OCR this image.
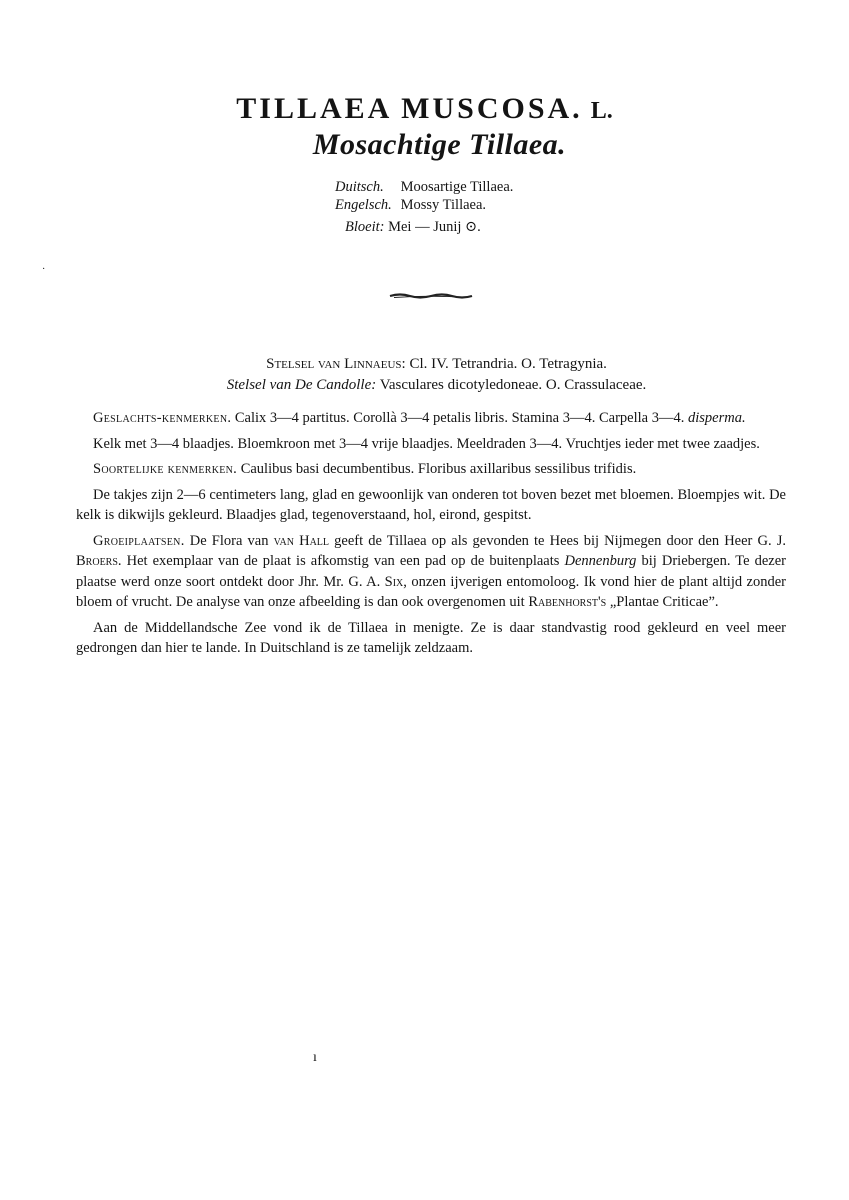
·
TILLAEA MUSCOSA. L.
Mosachtige Tillaea.
Duitsch. Moosartige Tillaea.
Engelsch. Mossy Tillaea.
Bloeit: Mei — Junij ⊙.
Stelsel van Linnaeus: Cl. IV. Tetrandria. O. Tetragynia.
Stelsel van De Candolle: Vasculares dicotyledoneae. O. Crassulaceae.

Geslachts-kenmerken. Calix 3—4 partitus. Corollà 3—4 petalis libris. Stamina 3—4. Carpella 3—4. disperma.

Kelk met 3—4 blaadjes. Bloemkroon met 3—4 vrije blaadjes. Meeldraden 3—4. Vruchtjes ieder met twee zaadjes.

Soortelijke kenmerken. Caulibus basi decumbentibus. Floribus axillaribus sessilibus trifidis.

De takjes zijn 2—6 centimeters lang, glad en gewoonlijk van onderen tot boven bezet met bloemen. Bloempjes wit. De kelk is dikwijls gekleurd. Blaadjes glad, tegenoverstaand, hol, eirond, gespitst.

Groeiplaatsen. De Flora van van Hall geeft de Tillaea op als gevonden te Hees bij Nijmegen door den Heer G. J. Broers. Het exemplaar van de plaat is afkomstig van een pad op de buitenplaats Dennenburg bij Driebergen. Te dezer plaatse werd onze soort ontdekt door Jhr. Mr. G. A. Six, onzen ijverigen entomoloog. Ik vond hier de plant altijd zonder bloem of vrucht. De analyse van onze afbeelding is dan ook overgenomen uit Rabenhorst's „Plantae Criticae”.

Aan de Middellandsche Zee vond ik de Tillaea in menigte. Ze is daar standvastig rood gekleurd en veel meer gedrongen dan hier te lande. In Duitschland is ze tamelijk zeldzaam.

ı
